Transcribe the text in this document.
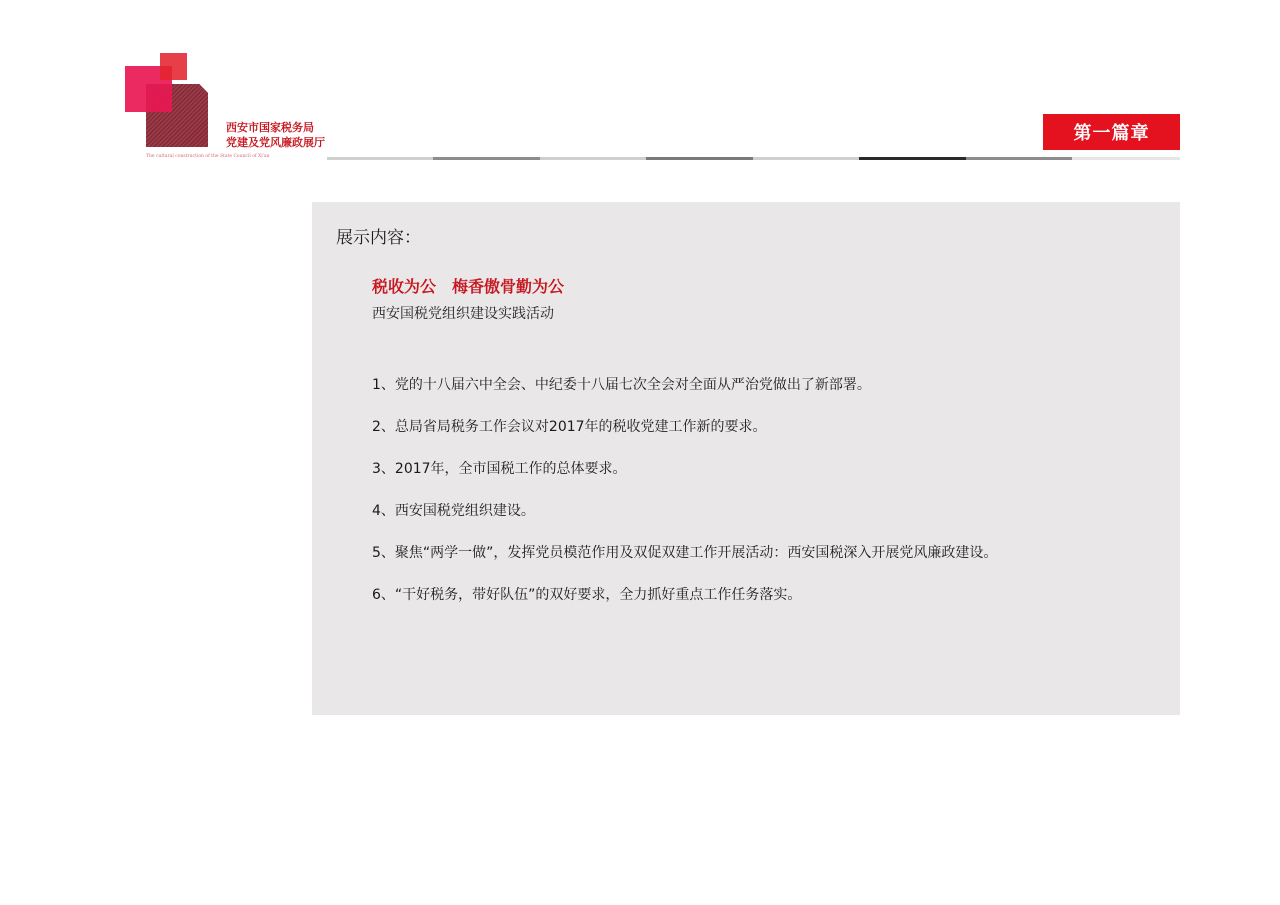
西安市国家税务局
党建及党风廉政展厅
The cultural construction of the State Council of Xi'an
第一篇章
展示内容：
税收为公　梅香傲骨勤为公
西安国税党组织建设实践活动
1、党的十八届六中全会、中纪委十八届七次全会对全面从严治党做出了新部署。
2、总局省局税务工作会议对2017年的税收党建工作新的要求。
3、2017年，全市国税工作的总体要求。
4、西安国税党组织建设。
5、聚焦“两学一做”，发挥党员模范作用及双促双建工作开展活动：西安国税深入开展党风廉政建设。
6、“干好税务，带好队伍”的双好要求，全力抓好重点工作任务落实。
